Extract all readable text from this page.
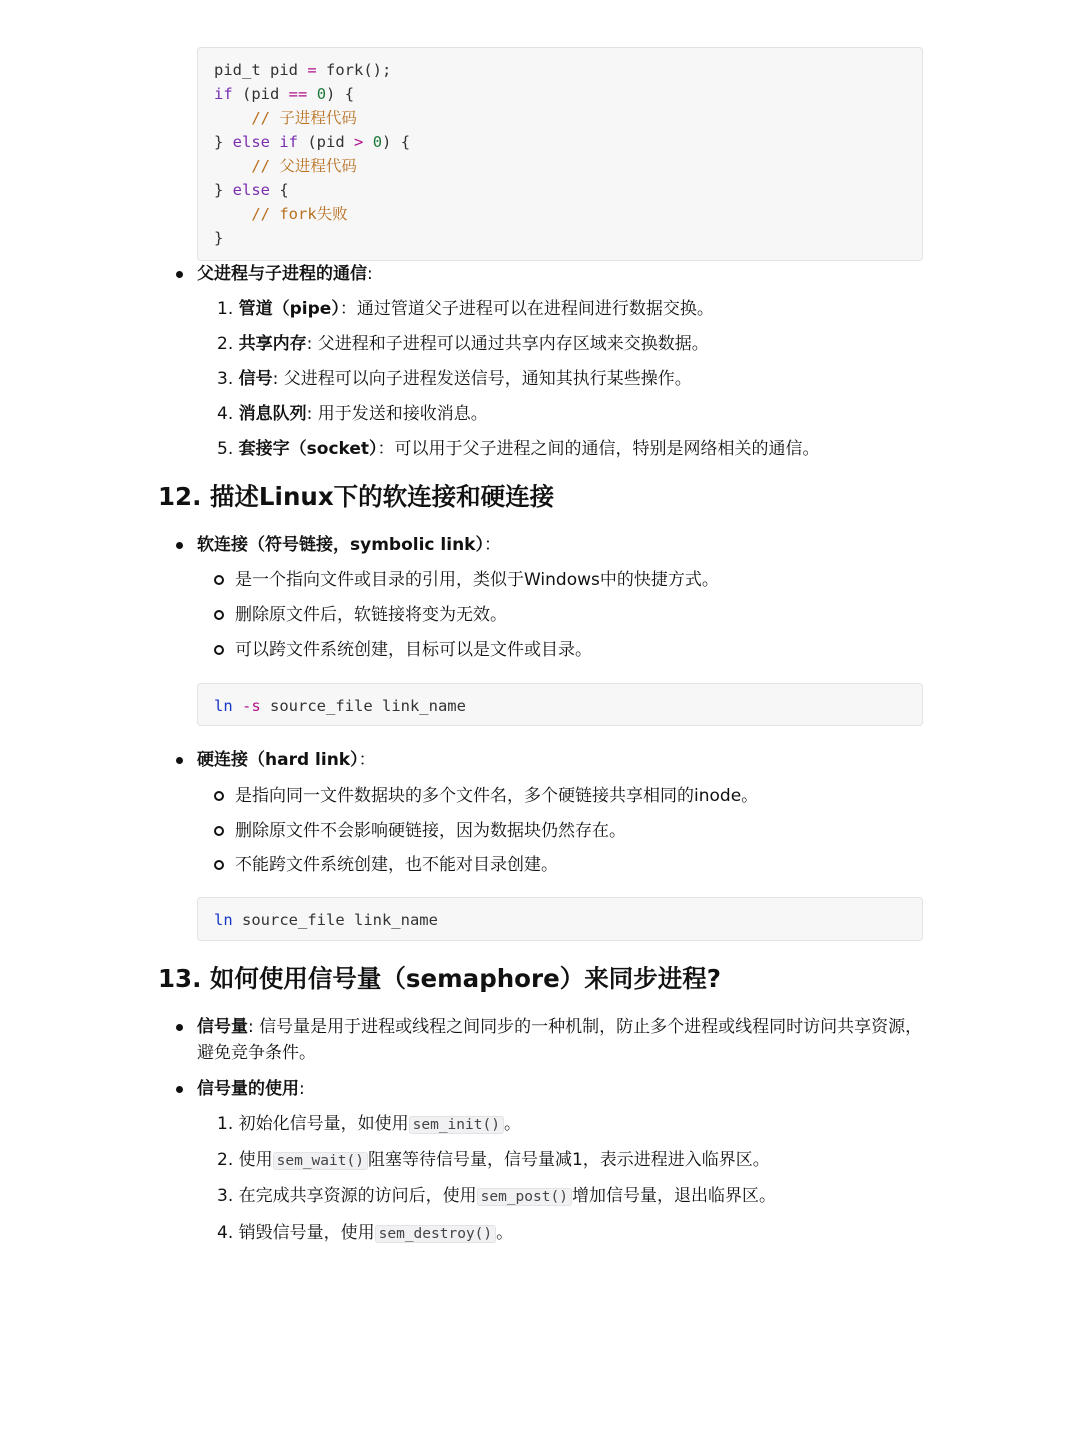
pid_t pid = fork();
if (pid == 0) {
// 子进程代码
} else if (pid > 0) {
// 父进程代码
} else {
// fork失败
}
父进程与子进程的通信:
1. 管道（pipe）：通过管道父子进程可以在进程间进行数据交换。
2. 共享内存: 父进程和子进程可以通过共享内存区域来交换数据。
3. 信号: 父进程可以向子进程发送信号，通知其执行某些操作。
4. 消息队列: 用于发送和接收消息。
5. 套接字（socket）：可以用于父子进程之间的通信，特别是网络相关的通信。
12. 描述Linux下的软连接和硬连接
软连接（符号链接，symbolic link）：
是一个指向文件或目录的引用，类似于Windows中的快捷方式。
删除原文件后，软链接将变为无效。
可以跨文件系统创建，目标可以是文件或目录。
ln -s source_file link_name
硬连接（hard link）：
是指向同一文件数据块的多个文件名，多个硬链接共享相同的inode。
删除原文件不会影响硬链接，因为数据块仍然存在。
不能跨文件系统创建，也不能对目录创建。
ln source_file link_name
13. 如何使用信号量（semaphore）来同步进程?
信号量: 信号量是用于进程或线程之间同步的一种机制，防止多个进程或线程同时访问共享资源，
避免竞争条件。
信号量的使用:
1. 初始化信号量，如使用 sem_init() 。
2. 使用 sem_wait() 阻塞等待信号量，信号量减1，表示进程进入临界区。
3. 在完成共享资源的访问后，使用 sem_post() 增加信号量，退出临界区。
4. 销毁信号量，使用 sem_destroy() 。
